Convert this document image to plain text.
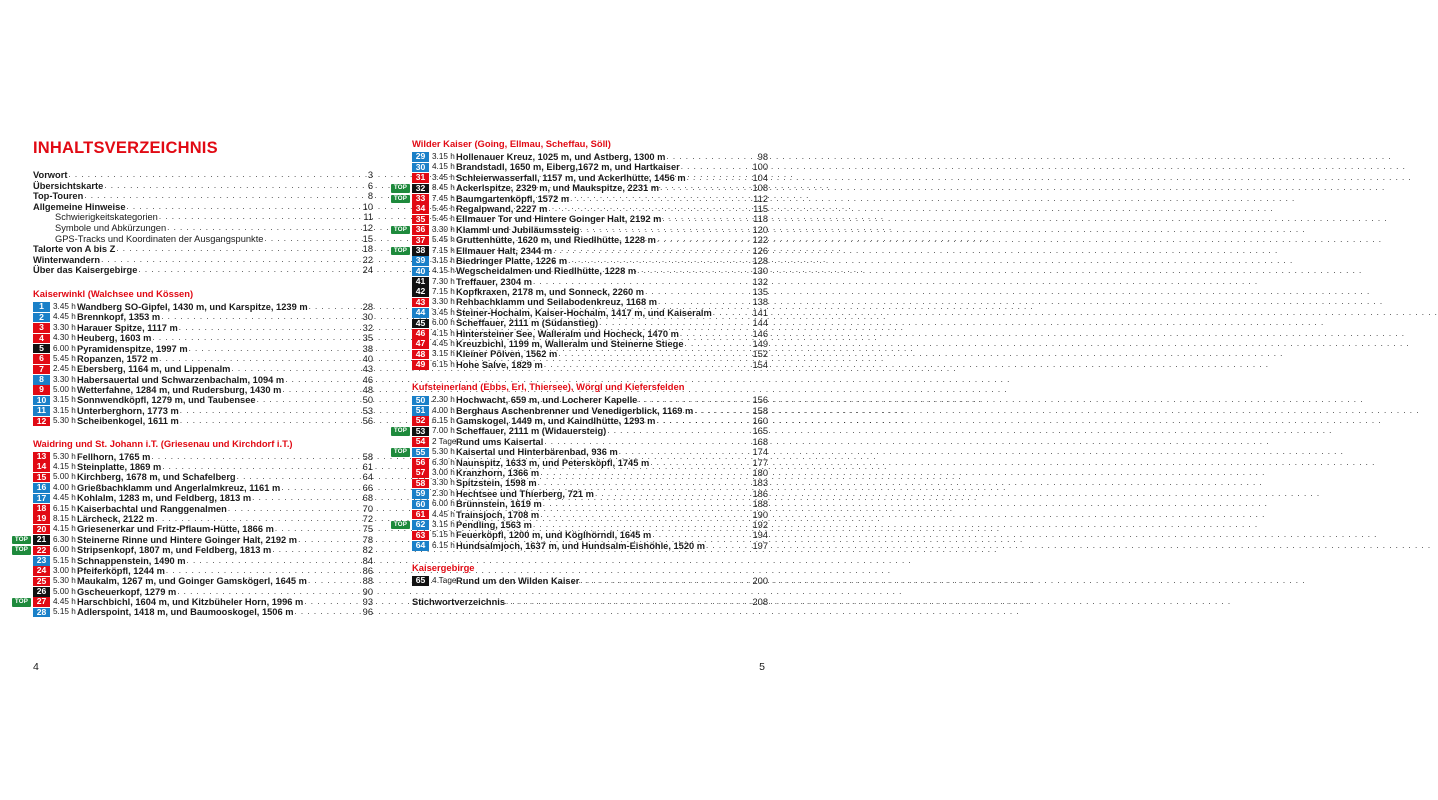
INHALTSVERZEICHNIS
Vorwort . . .	3
Übersichtskarte . . .	6
Top-Touren . . .	8
Allgemeine Hinweise . . .	10
Schwierigkeitskategorien . . .	11
Symbole und Abkürzungen . . .	12
GPS-Tracks und Koordinaten der Ausgangspunkte . . .	15
Talorte von A bis Z . . .	18
Winterwandern . . .	22
Über das Kaisergebirge . . .	24
Kaiserwinkl (Walchsee und Kössen)
1	3.45 h Wandberg SO-Gipfel, 1430 m, und Karspitze, 1239 m . . .	28
2	4.45 h Brennkopf, 1353 m . . .	30
3	3.30 h Harauer Spitze, 1117 m . . .	32
4	4.30 h Heuberg, 1603 m . . .	35
5	6.00 h Pyramidenspitze, 1997 m . . .	38
6	5.45 h Ropanzen, 1572 m . . .	40
7	2.45 h Ebersberg, 1164 m, und Lippenalm . . .	43
8	3.30 h Habersauertal und Schwarzenbachalm, 1094 m . . .	46
9	5.00 h Wetterfahne, 1284 m, und Rudersburg, 1430 m . . .	48
10 3.15 h Sonnwendköpfl, 1279 m, und Taubensee . . .	50
11 3.15 h Unterberghorn, 1773 m . . .	53
12 5.30 h Scheibenkogel, 1611 m . . .	56
Waidring und St. Johann i.T. (Griesenau und Kirchdorf i.T.)
13 5.30 h Fellhorn, 1765 m . . .	58
14 4.15 h Steinplatte, 1869 m . . .	61
15 5.00 h Kirchberg, 1678 m, und Schafelberg . . .	64
16 4.00 h Grießbachklamm und Angerlalmkreuz, 1161 m . . .	66
17 4.45 h Kohlalm, 1283 m, und Feldberg, 1813 m . . .	68
18 6.15 h Kaiserbachtal und Ranggenalmen . . .	70
19 8.15 h Lärcheck, 2122 m . . .	72
20 4.15 h Griesenerkar und Fritz-Pflaum-Hütte, 1866 m . . .	75
TOP	21 6.30 h Steinerne Rinne und Hintere Goinger Halt, 2192 m . . .	78
TOP	22 6.00 h Stripsenkopf, 1807 m, und Feldberg, 1813 m . . .	82
23 5.15 h Schnappenstein, 1490 m . . .	84
24 3.00 h Pfeiferköpfl, 1244 m . . .	86
25 5.30 h Maukalm, 1267 m, und Goinger Gamskögerl, 1645 m . . .	88
26 5.00 h Gscheuerkopf, 1279 m . . .	90
TOP	27 4.45 h Harschbichl, 1604 m, und Kitzbüheler Horn, 1996 m . . .	93
28 5.15 h Adlerspoint, 1418 m, und Baumooskogel, 1506 m . . .	96
4
Wilder Kaiser (Going, Ellmau, Scheffau, Söll)
29 3.15 h Hollenauer Kreuz, 1025 m, und Astberg, 1300 m . . .	98
30 4.15 h Brandstadl, 1650 m, Eiberg,1672 m, und Hartkaiser . . .	100
31 3.45 h Schleierwasserfall, 1157 m, und Ackerlhütte, 1456 m . . .	104
TOP	32 8.45 h Ackerlspitze, 2329 m, und Maukspitze, 2231 m . . .	108
TOP	33 7.45 h Baumgartenköpfl, 1572 m . . .	112
34 5.45 h Regalpwand, 2227 m . . .	115
35 5.45 h Ellmauer Tor und Hintere Goinger Halt, 2192 m . . .	118
TOP	36 3.30 h Klamml und Jubiläumssteig . . .	120
37 5.45 h Gruttenhütte, 1620 m, und Riedlhütte, 1228 m . . .	122
TOP	38 7.15 h Ellmauer Halt, 2344 m . . .	126
39 3.15 h Biedringer Platte, 1226 m . . .	128
40 4.15 h Wegscheidalmen und Riedlhütte, 1228 m . . .	130
41 7.30 h Treffauer, 2304 m . . .	132
42 7.15 h Kopfkraxen, 2178 m, und Sonneck, 2260 m . . .	135
43 3.30 h Rehbachklamm und Seilabodenkreuz, 1168 m . . .	138
44 3.45 h Steiner-Hochalm, Kaiser-Hochalm, 1417 m, und Kaiseralm . . .	141
45 6.00 h Scheffauer, 2111 m (Südanstieg) . . .	144
46 4.15 h Hintersteiner See, Walleralm und Hocheck, 1470 m . . .	146
47 4.45 h Kreuzbichl, 1199 m, Walleralm und Steinerne Stiege . . .	149
48 3.15 h Kleiner Pölven, 1562 m . . .	152
49 6.15 h Hohe Salve, 1829 m . . .	154
Kufsteinerland (Ebbs, Erl, Thiersee), Wörgl und Kiefersfelden
50 2.30 h Hochwacht, 659 m, und Locherer Kapelle . . .	156
51 4.00 h Berghaus Aschenbrenner und Venedigerblick, 1169 m . . .	158
52 6.15 h Gamskogel, 1449 m, und Kaindlhütte, 1293 m . . .	160
TOP	53 7.00 h Scheffauer, 2111 m (Widauersteig) . . .	165
54 2 Tage Rund ums Kaisertal . . .	168
TOP	55 5.30 h Kaisertal und Hinterbärenbad, 936 m . . .	174
56 6.30 h Naunspitz, 1633 m, und Petersköpfl, 1745 m . . .	177
57 3.00 h Kranzhorn, 1366 m . . .	180
58 3.30 h Spitzstein, 1598 m . . .	183
59 2.30 h Hechtsee und Thierberg, 721 m . . .	186
60 6.00 h Brünnstein, 1619 m . . .	188
61 4.45 h Trainsjoch, 1708 m . . .	190
TOP	62 3.15 h Pendling, 1563 m . . .	192
63 5.15 h Feuerköpfl, 1200 m, und Köglhörndl, 1645 m . . .	194
64 6.15 h Hundsalmjoch, 1637 m, und Hundsalm-Eishöhle, 1520 m . . .	197
Kaisergebirge
65 4 Tage Rund um den Wilden Kaiser . . .	200
Stichwortverzeichnis . . .	208
5
